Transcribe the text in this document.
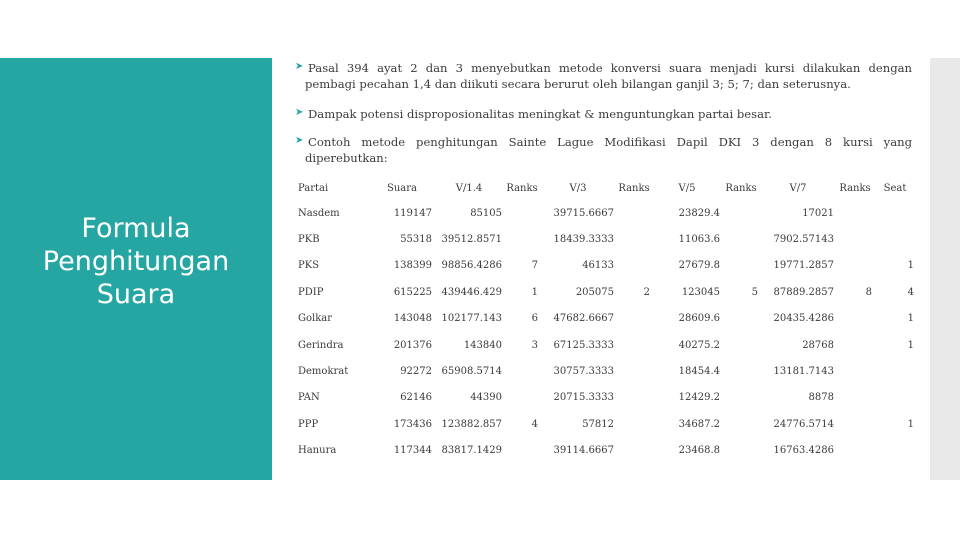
Formula Penghitungan Suara
➤ Pasal 394 ayat 2 dan 3 menyebutkan metode konversi suara menjadi kursi dilakukan dengan
pembagi pecahan 1,4 dan diikuti secara berurut oleh bilangan ganjil 3; 5; 7; dan seterusnya.
➤ Dampak potensi disproposionalitas meningkat & menguntungkan partai besar.
➤ Contoh metode penghitungan Sainte Lague Modifikasi Dapil DKI 3 dengan 8 kursi yang
diperebutkan:
Partai	Suara	V/1.4	Ranks	V/3	Ranks	V/5	Ranks	V/7	Ranks	Seat
Nasdem	119147	85105		39715.6667		23829.4		17021		
PKB	55318	39512.8571		18439.3333		11063.6		7902.57143		
PKS	138399	98856.4286	7	46133		27679.8		19771.2857		1
PDIP	615225	439446.429	1	205075	2	123045	5	87889.2857	8	4
Golkar	143048	102177.143	6	47682.6667		28609.6		20435.4286		1
Gerindra	201376	143840	3	67125.3333		40275.2		28768		1
Demokrat	92272	65908.5714		30757.3333		18454.4		13181.7143		
PAN	62146	44390		20715.3333		12429.2		8878		
PPP	173436	123882.857	4	57812		34687.2		24776.5714		1
Hanura	117344	83817.1429		39114.6667		23468.8		16763.4286		
